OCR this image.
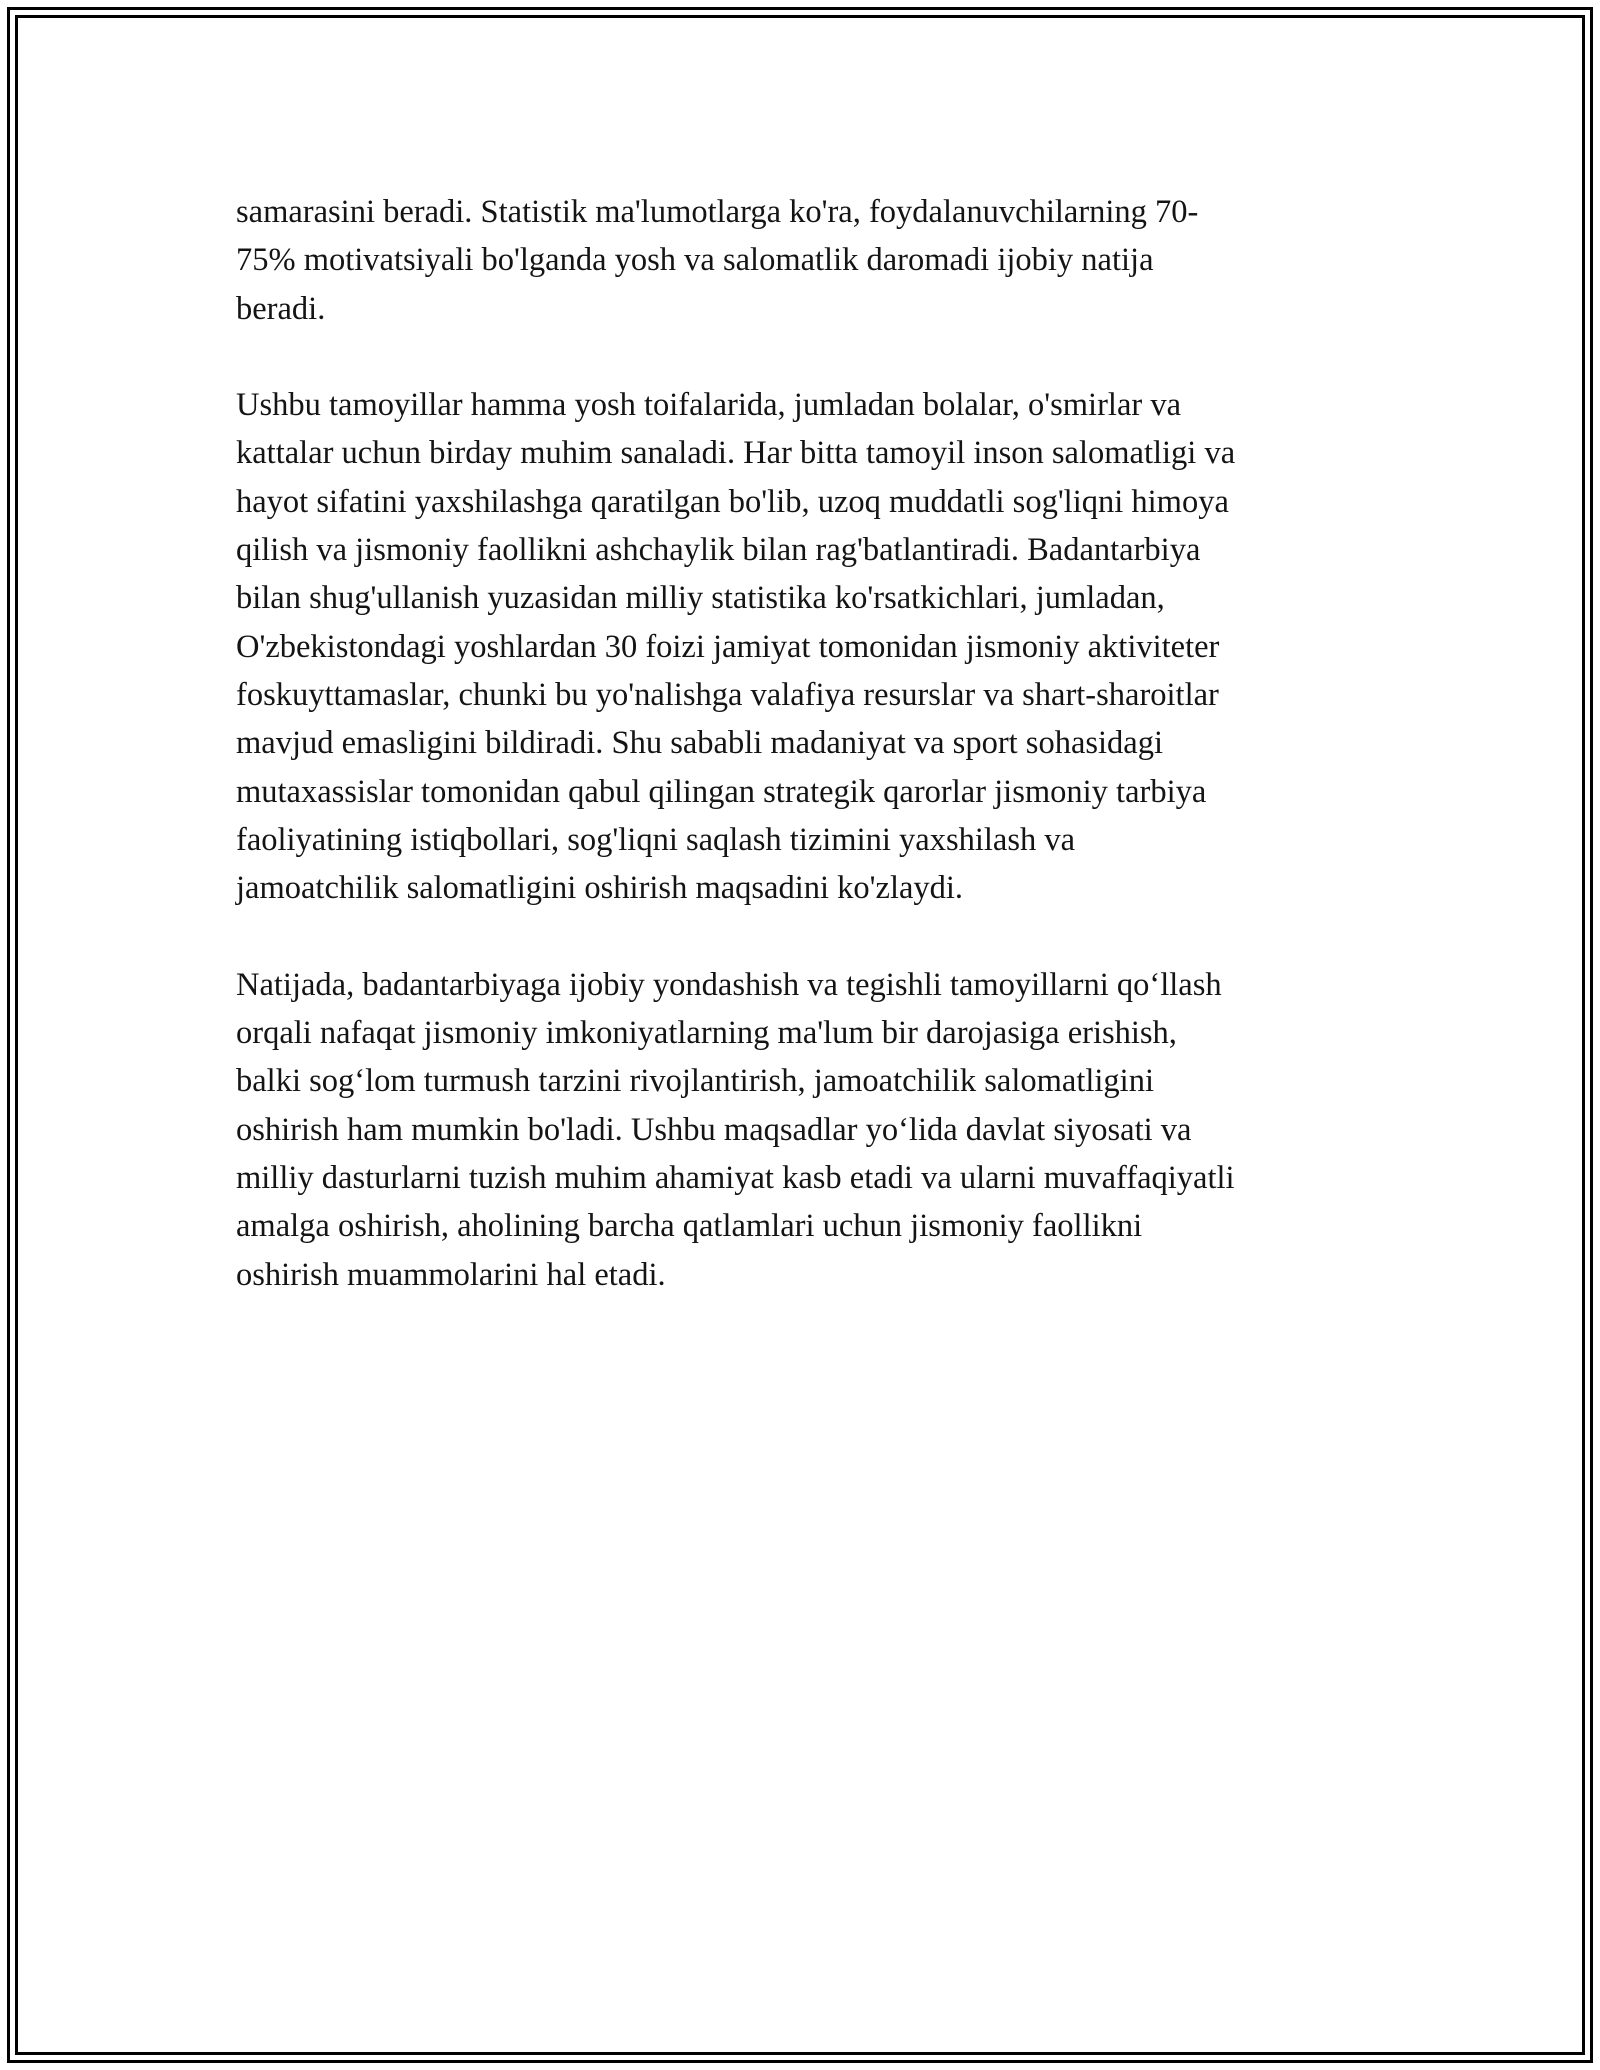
samarasini beradi. Statistik ma'lumotlarga ko'ra, foydalanuvchilarning 70-
75% motivatsiyali bo'lganda yosh va salomatlik daromadi ijobiy natija
beradi.

Ushbu tamoyillar hamma yosh toifalarida, jumladan bolalar, o'smirlar va
kattalar uchun birday muhim sanaladi. Har bitta tamoyil inson salomatligi va
hayot sifatini yaxshilashga qaratilgan bo'lib, uzoq muddatli sog'liqni himoya
qilish va jismoniy faollikni ashchaylik bilan rag'batlantiradi. Badantarbiya
bilan shug'ullanish yuzasidan milliy statistika ko'rsatkichlari, jumladan,
O'zbekistondagi yoshlardan 30 foizi jamiyat tomonidan jismoniy aktiviteter
foskuyttamaslar, chunki bu yo'nalishga valafiya resurslar va shart-sharoitlar
mavjud emasligini bildiradi. Shu sababli madaniyat va sport sohasidagi
mutaxassislar tomonidan qabul qilingan strategik qarorlar jismoniy tarbiya
faoliyatining istiqbollari, sog'liqni saqlash tizimini yaxshilash va
jamoatchilik salomatligini oshirish maqsadini ko'zlaydi.

Natijada, badantarbiyaga ijobiy yondashish va tegishli tamoyillarni qo‘llash
orqali nafaqat jismoniy imkoniyatlarning ma'lum bir darojasiga erishish,
balki sog‘lom turmush tarzini rivojlantirish, jamoatchilik salomatligini
oshirish ham mumkin bo'ladi. Ushbu maqsadlar yo‘lida davlat siyosati va
milliy dasturlarni tuzish muhim ahamiyat kasb etadi va ularni muvaffaqiyatli
amalga oshirish, aholining barcha qatlamlari uchun jismoniy faollikni
oshirish muammolarini hal etadi.
